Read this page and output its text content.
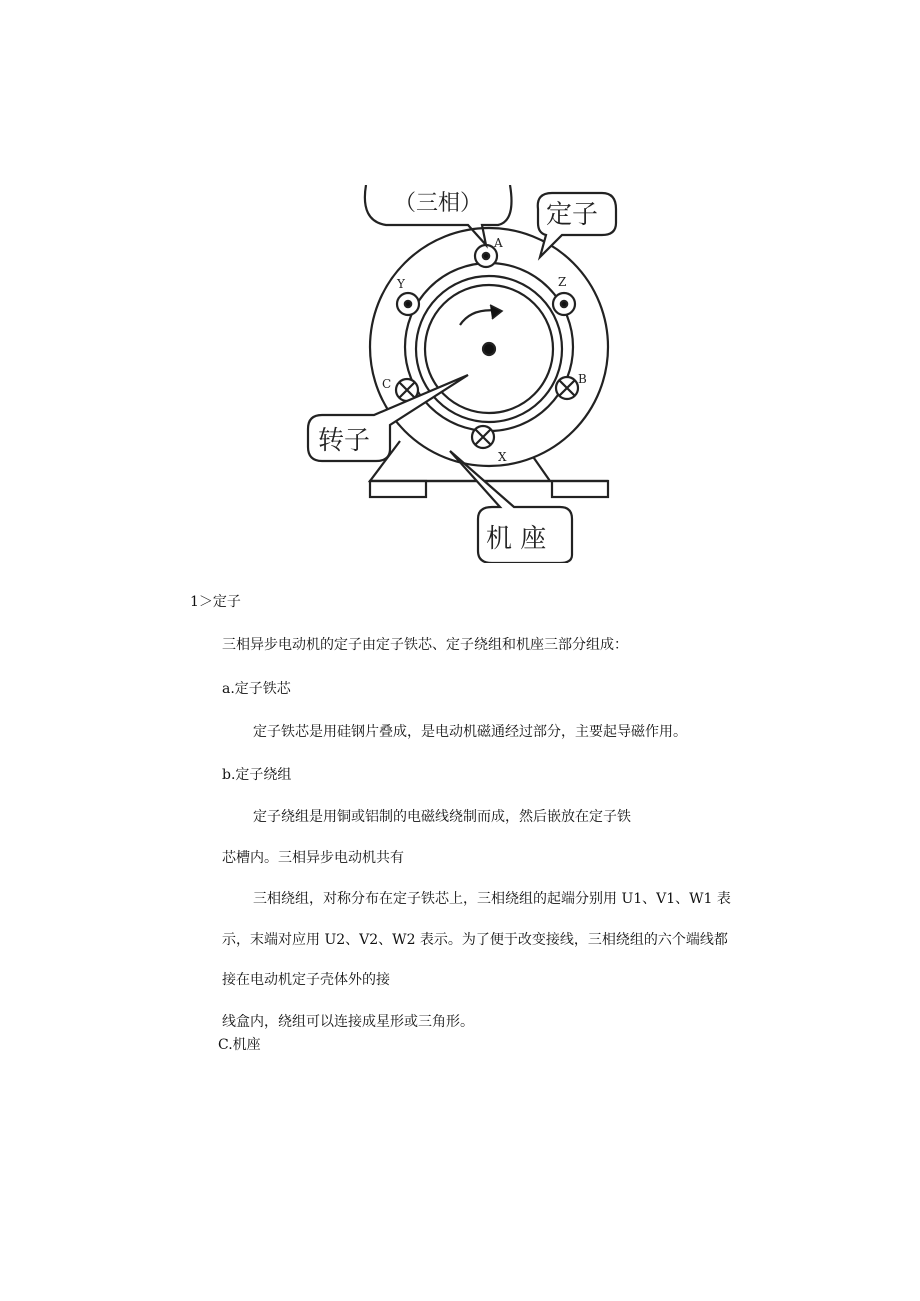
（三相） 定子
转子
机 座
A
Z
Y
C	B
X

1＞定子

三相异步电动机的定子由定子铁芯、定子绕组和机座三部分组成：

a.定子铁芯

定子铁芯是用硅钢片叠成，是电动机磁通经过部分，主要起导磁作用。

b.定子绕组

定子绕组是用铜或铝制的电磁线绕制而成，然后嵌放在定子铁

芯槽内。三相异步电动机共有

三相绕组，对称分布在定子铁芯上，三相绕组的起端分别用 U1、V1、W1 表

示，末端对应用 U2、V2、W2 表示。为了便于改变接线，三相绕组的六个端线都

接在电动机定子壳体外的接

线盒内，绕组可以连接成星形或三角形。

C.机座
